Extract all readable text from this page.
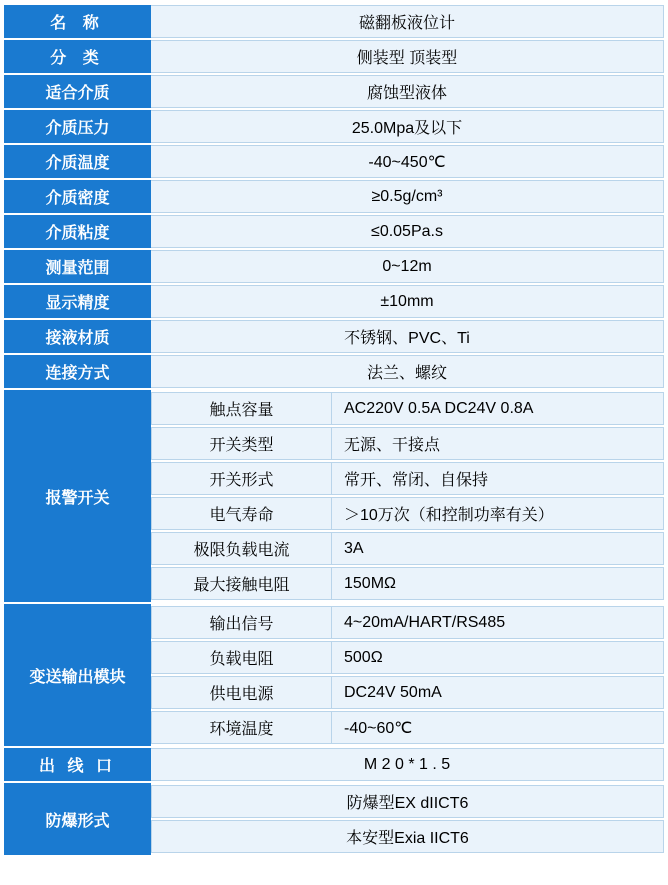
名 称	磁翻板液位计
分 类	侧装型 顶装型
适合介质	腐蚀型液体
介质压力	25.0Mpa及以下
介质温度	-40~450℃
介质密度	≥0.5g/cm³
介质粘度	≤0.05Pa.s
测量范围	0~12m
显示精度	±10mm
接液材质	不锈钢、PVC、Ti
连接方式	法兰、螺纹
报警开关	
触点容量	AC220V 0.5A DC24V 0.8A
开关类型	无源、干接点
开关形式	常开、常闭、自保持
电气寿命	＞10万次（和控制功率有关）
极限负载电流	3A
最大接触电阻	150MΩ

变送输出模块	
输出信号	4~20mA/HART/RS485
负载电阻	500Ω
供电电源	DC24V 50mA
环境温度	-40~60℃

出 线 口	M 2 0 * 1 . 5
防爆形式	
防爆型EX dIICT6
本安型Exia IICT6
